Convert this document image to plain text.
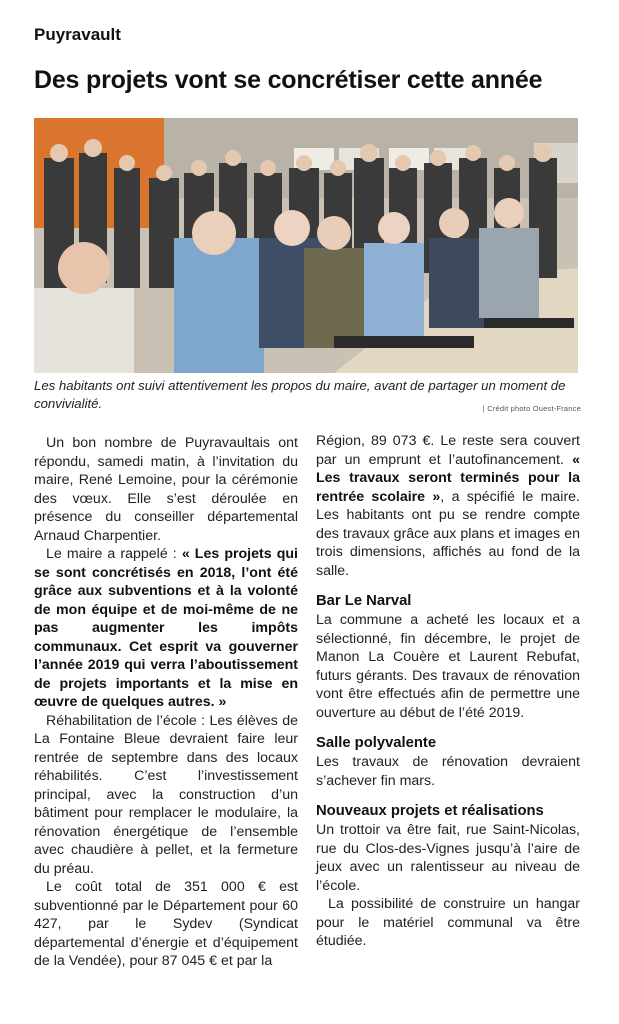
Puyravault
Des projets vont se concrétiser cette année
Les habitants ont suivi attentivement les propos du maire, avant de partager un moment de convivialité.	| Crédit photo Ouest-France

Un bon nombre de Puyravaultais ont répondu, samedi matin, à l’invitation du maire, René Lemoine, pour la cérémonie des vœux. Elle s’est déroulée en présence du conseiller départemental Arnaud Charpentier.

Le maire a rappelé : « Les projets qui se sont concrétisés en 2018, l’ont été grâce aux subventions et à la volonté de mon équipe et de moi-même de ne pas augmenter les impôts communaux. Cet esprit va gouverner l’année 2019 qui verra l’aboutissement de projets importants et la mise en œuvre de quelques autres. »

Réhabilitation de l’école : Les élèves de La Fontaine Bleue devraient faire leur rentrée de septembre dans des locaux réhabilités. C’est l’investissement principal, avec la construction d’un bâtiment pour remplacer le modulaire, la rénovation énergétique de l’ensemble avec chaudière à pellet, et la fermeture du préau.

Le coût total de 351 000 € est subventionné par le Département pour 60 427, par le Sydev (Syndicat départemental d’énergie et d’équipement de la Vendée), pour 87 045 € et par la

Région, 89 073 €. Le reste sera couvert par un emprunt et l’autofinancement. « Les travaux seront terminés pour la rentrée scolaire », a spécifié le maire. Les habitants ont pu se rendre compte des travaux grâce aux plans et images en trois dimensions, affichés au fond de la salle.

Bar Le Narval

La commune a acheté les locaux et a sélectionné, fin décembre, le projet de Manon La Couère et Laurent Rebufat, futurs gérants. Des travaux de rénovation vont être effectués afin de permettre une ouverture au début de l’été 2019.

Salle polyvalente

Les travaux de rénovation devraient s’achever fin mars.

Nouveaux projets et réalisations

Un trottoir va être fait, rue Saint-Nicolas, rue du Clos-des-Vignes jusqu’à l’aire de jeux avec un ralentisseur au niveau de l’école.

La possibilité de construire un hangar pour le matériel communal va être étudiée.
